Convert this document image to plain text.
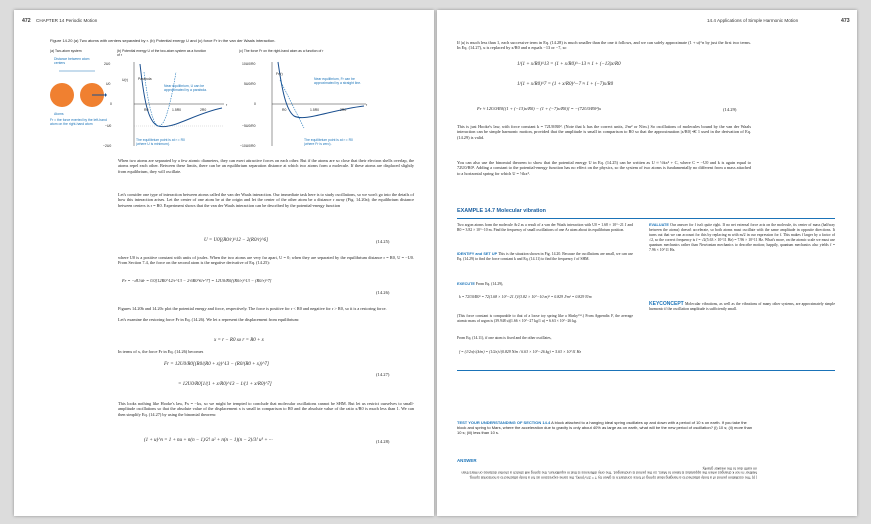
472 CHAPTER 14 Periodic Motion
Figure 14.20 (a) Two atoms with centers separated by r. (b) Potential energy U and (c) force Fr in the van der Waals interaction.
(a) Two-atom system
Distance between atom centers
Atoms
Fr = the force exerted by the left-hand atom on the right-hand atom
(b) Potential energy U of the two-atom system as a function of r
U(r)
r
2U0
U0
0
−U0
−2U0
R0	1.5R0	2R0
Parabola
Near equilibrium, U can be approximated by a parabola.
The equilibrium point is at r = R0 (where U is minimum).
(c) The force Fr on the right-hand atom as a function of r
Fr(r)
r
10U0/R0
5U0/R0
0
−5U0/R0
−10U0/R0
R0	1.5R0	2R0
Near equilibrium, Fr can be approximated by a straight line.
The equilibrium point is at r = R0 (where Fr is zero).
When two atoms are separated by a few atomic diameters, they can exert attractive forces on each other. But if the atoms are so close that their electron shells overlap, the atoms repel each other. Between these limits, there can be an equilibrium separation distance at which two atoms form a molecule. If these atoms are displaced slightly from equilibrium, they will oscillate.
Let's consider one type of interaction between atoms called the van der Waals interaction. Our immediate task here is to study oscillations, so we won't go into the details of how this interaction arises. Let the center of one atom be at the origin and let the center of the other atom be a distance r away (Fig. 14.20a); the equilibrium distance between centers is r = R0. Experiment shows that the van der Waals interaction can be described by the potential-energy function
U = U0[(R0/r)^12 − 2(R0/r)^6]	(14.25)
where U0 is a positive constant with units of joules. When the two atoms are very far apart, U = 0; when they are separated by the equilibrium distance r = R0, U = −U0. From Section 7.4, the force on the second atom is the negative derivative of Eq. (14.25):
Fr = −dU/dr = U0[12R0^12/r^13 − 2·6R0^6/r^7] = 12U0/R0[(R0/r)^13 − (R0/r)^7]
(14.26)
Figures 14.20b and 14.20c plot the potential energy and force, respectively. The force is positive for r < R0 and negative for r > R0, so it is a restoring force.
Let's examine the restoring force Fr in Eq. (14.26). We let x represent the displacement from equilibrium:
x = r − R0 so r = R0 + x
In terms of x, the force Fr in Eq. (14.26) becomes
Fr = 12U0/R0[(R0/(R0 + x))^13 − (R0/(R0 + x))^7]
= 12U0/R0[1/(1 + x/R0)^13 − 1/(1 + x/R0)^7]
(14.27)
This looks nothing like Hooke's law, Fx = −kx, so we might be tempted to conclude that molecular oscillations cannot be SHM. But let us restrict ourselves to small-amplitude oscillations so that the absolute value of the displacement x is small in comparison to R0 and the absolute value of the ratio x/R0 is much less than 1. We can then simplify Eq. (14.27) by using the binomial theorem:
(1 + u)^n = 1 + nu + n(n − 1)/2! u² + n(n − 1)(n − 2)/3! u³ + ···	(14.28)
14.4 Applications of Simple Harmonic Motion	473
If |u| is much less than 1, each successive term in Eq. (14.28) is much smaller than the one it follows, and we can safely approximate (1 + u)^n by just the first two terms. In Eq. (14.27), u is replaced by x/R0 and n equals −13 or −7, so
1/(1 + x/R0)^13 = (1 + x/R0)^−13 ≈ 1 + (−13)x/R0
1/(1 + x/R0)^7 = (1 + x/R0)^−7 ≈ 1 + (−7)x/R0
Fr ≈ 12U0/R0[(1 + (−13)x/R0) − (1 + (−7)x/R0)] = −(72U0/R0²)x	(14.29)
This is just Hooke's law, with force constant k = 72U0/R0². (Note that k has the correct units, J/m² or N/m.) So oscillations of molecules bound by the van der Waals interaction can be simple harmonic motion, provided that the amplitude is small in comparison to R0 so that the approximation |x/R0| ≪ 1 used in the derivation of Eq. (14.29) is valid.
You can also use the binomial theorem to show that the potential energy U in Eq. (14.25) can be written as U ≈ ½kx² + C, where C = −U0 and k is again equal to 72U0/R0². Adding a constant to the potential-energy function has no effect on the physics, so the system of two atoms is fundamentally no different from a mass attached to a horizontal spring for which U = ½kx².
EXAMPLE 14.7 Molecular vibration
Two argon atoms form the molecule Ar2 as a result of a van der Waals interaction with U0 = 1.68 × 10^−21 J and R0 = 3.82 × 10^−10 m. Find the frequency of small oscillations of one Ar atom about its equilibrium position.
IDENTIFY and SET UP This is the situation shown in Fig. 14.20. Because the oscillations are small, we can use Eq. (14.29) to find the force constant k and Eq. (14.11) to find the frequency f of SHM.
EXECUTE From Eq. (14.29),
k = 72U0/R0² = 72(1.68 × 10^−21 J)/(3.82 × 10^−10 m)² = 0.829 J/m² = 0.829 N/m
(This force constant is comparable to that of a loose toy spring like a Slinky™.) From Appendix F, the average atomic mass of argon is (39.948 u)(1.66 × 10^−27 kg/1 u) = 6.63 × 10^−26 kg.
From Eq. (14.11), if one atom is fixed and the other oscillates,
f = (1/2π)√(k/m) = (1/2π)√(0.829 N/m / 6.63 × 10^−26 kg) = 5.63 × 10^11 Hz
EVALUATE Our answer for f isn't quite right. If no net external force acts on the molecule, its center of mass (halfway between the atoms) doesn't accelerate, so both atoms must oscillate with the same amplitude in opposite directions. It turns out that we can account for this by replacing m with m/2 in our expression for f. This makes f larger by a factor of √2, so the correct frequency is f = √2(5.63 × 10^11 Hz) = 7.96 × 10^11 Hz. What's more, on the atomic scale we must use quantum mechanics rather than Newtonian mechanics to describe motion; happily, quantum mechanics also yields f = 7.96 × 10^11 Hz.
KEYCONCEPT Molecular vibrations, as well as the vibrations of many other systems, are approximately simple harmonic if the oscillation amplitude is sufficiently small.
TEST YOUR UNDERSTANDING OF SECTION 14.4 A block attached to a hanging ideal spring oscillates up and down with a period of 10 s on earth. If you take the block and spring to Mars, where the acceleration due to gravity is only about 40% as large as on earth, what will be the new period of oscillation? (i) 10 s; (ii) more than 10 s; (iii) less than 10 s.
ANSWER
| (i) The oscillation period of a body attached to a hanging ideal spring of force constant k is given by T = 2π√(m/k), the same expression as for a body attached to a horizontal spring. Neither m nor k changes when the apparatus is taken to Mars, so the period is unchanged. The only difference is that in equilibrium, the spring will stretch a shorter distance on Mars than on earth due to the weaker gravity.
